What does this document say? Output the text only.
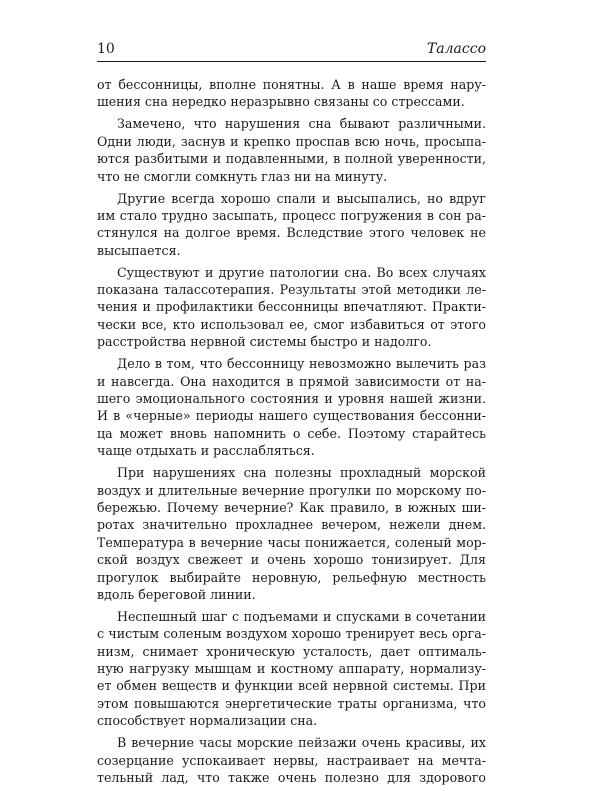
10	Талассо
от бессонницы, вполне понятны. А в наше время нару-
шения сна нередко неразрывно связаны со стрессами.
Замечено, что нарушения сна бывают различными.
Одни люди, заснув и крепко проспав всю ночь, просыпа-
ются разбитыми и подавленными, в полной уверенности,
что не смогли сомкнуть глаз ни на минуту.
Другие всегда хорошо спали и высыпались, но вдруг
им стало трудно засыпать, процесс погружения в сон ра-
стянулся на долгое время. Вследствие этого человек не
высыпается.
Существуют и другие патологии сна. Во всех случаях
показана талассотерапия. Результаты этой методики ле-
чения и профилактики бессонницы впечатляют. Практи-
чески все, кто использовал ее, смог избавиться от этого
расстройства нервной системы быстро и надолго.
Дело в том, что бессонницу невозможно вылечить раз
и навсегда. Она находится в прямой зависимости от на-
шего эмоционального состояния и уровня нашей жизни.
И в «черные» периоды нашего существования бессонни-
ца может вновь напомнить о себе. Поэтому старайтесь
чаще отдыхать и расслабляться.
При нарушениях сна полезны прохладный морской
воздух и длительные вечерние прогулки по морскому по-
бережью. Почему вечерние? Как правило, в южных ши-
ротах значительно прохладнее вечером, нежели днем.
Температура в вечерние часы понижается, соленый мор-
ской воздух свежеет и очень хорошо тонизирует. Для
прогулок выбирайте неровную, рельефную местность
вдоль береговой линии.
Неспешный шаг с подъемами и спусками в сочетании
с чистым соленым воздухом хорошо тренирует весь орга-
низм, снимает хроническую усталость, дает оптималь-
ную нагрузку мышцам и костному аппарату, нормализу-
ет обмен веществ и функции всей нервной системы. При
этом повышаются энергетические траты организма, что
способствует нормализации сна.
В вечерние часы морские пейзажи очень красивы, их
созерцание успокаивает нервы, настраивает на мечта-
тельный лад, что также очень полезно для здорового
